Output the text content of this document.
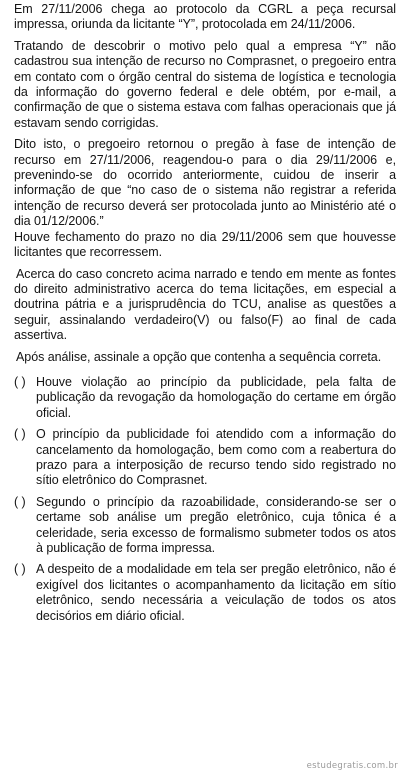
Em 27/11/2006 chega ao protocolo da CGRL a peça recursal impressa, oriunda da licitante “Y”, protocolada em 24/11/2006.

Tratando de descobrir o motivo pelo qual a empresa “Y” não cadastrou sua intenção de recurso no Comprasnet, o pregoeiro entra em contato com o órgão central do sistema de logística e tecnologia da informação do governo federal e dele obtém, por e-mail, a confirmação de que o sistema estava com falhas operacionais que já estavam sendo corrigidas.

Dito isto, o pregoeiro retornou o pregão à fase de intenção de recurso em 27/11/2006, reagendou-o para o dia 29/11/2006 e, prevenindo-se do ocorrido anteriormente, cuidou de inserir a informação de que “no caso de o sistema não registrar a referida intenção de recurso deverá ser protocolada junto ao Ministério até o dia 01/12/2006.”

Houve fechamento do prazo no dia 29/11/2006 sem que houvesse licitantes que recorressem.

Acerca do caso concreto acima narrado e tendo em mente as fontes do direito administrativo acerca do tema licitações, em especial a doutrina pátria e a jurisprudência do TCU, analise as questões a seguir, assinalando verdadeiro(V) ou falso(F) ao final de cada assertiva.

Após análise, assinale a opção que contenha a sequência correta.

( ) Houve violação ao princípio da publicidade, pela falta de publicação da revogação da homologação do certame em órgão oficial.
( ) O princípio da publicidade foi atendido com a informação do cancelamento da homologação, bem como com a reabertura do prazo para a interposição de recurso tendo sido registrado no sítio eletrônico do Comprasnet.
( ) Segundo o princípio da razoabilidade, considerando-se ser o certame sob análise um pregão eletrônico, cuja tônica é a celeridade, seria excesso de formalismo submeter todos os atos à publicação de forma impressa.
( ) A despeito de a modalidade em tela ser pregão eletrônico, não é exigível dos licitantes o acompanhamento da licitação em sítio eletrônico, sendo necessária a veiculação de todos os atos decisórios em diário oficial.
estudegratis.com.br
